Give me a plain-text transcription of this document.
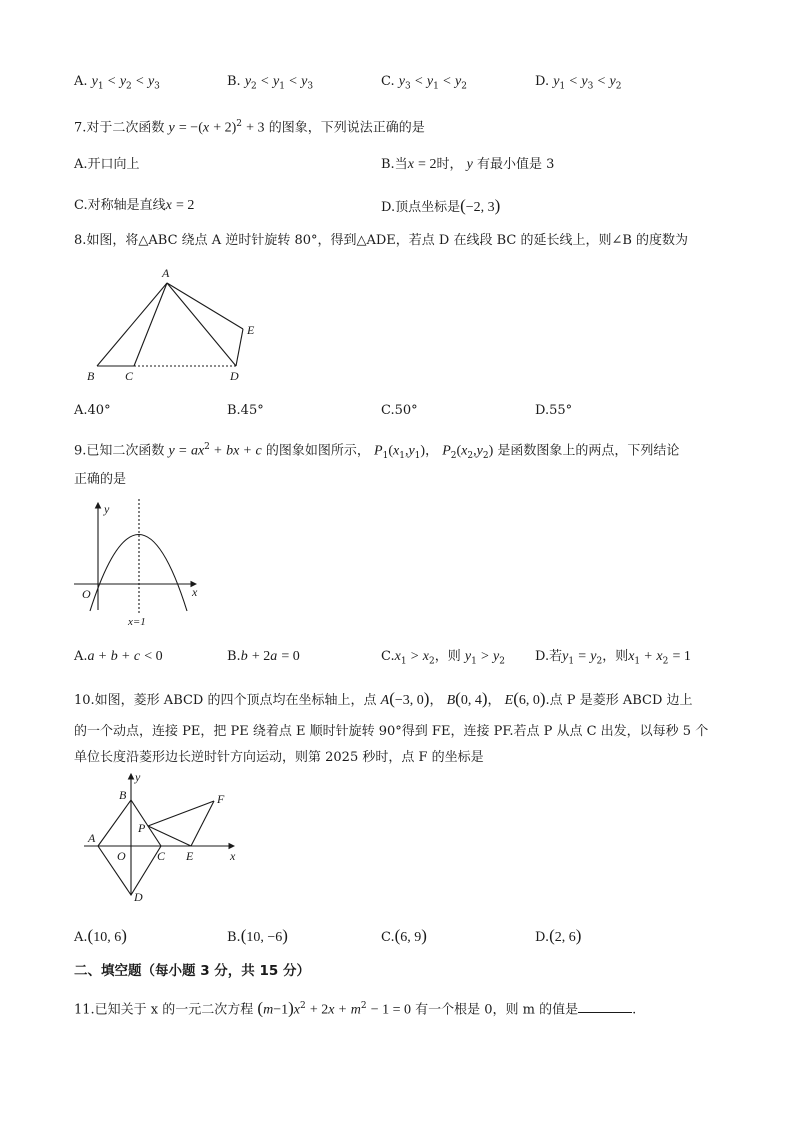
A. $y_1 < y_2 < y_3$	B. $y_2 < y_1 < y_3$	C. $y_3 < y_1 < y_2$	D. $y_1 < y_3 < y_2$
7.对于二次函数 $y = -(x + 2)^2 + 3$ 的图象，下列说法正确的是
A.开口向上	B.当x = 2时， y 有最小值是 3
C.对称轴是直线x = 2	D.顶点坐标是(−2, 3)
8.如图，将△ABC 绕点 A 逆时针旋转 80°，得到△ADE，若点 D 在线段 BC 的延长线上，则∠B 的度数为
A
B	C	D
E
A.40°	B.45°	C.50°	D.55°
9.已知二次函数 $y = ax^2$ + bx + c 的图象如图所示， $P_1(x_1,y_1)$， $P_2(x_2,y_2)$ 是函数图象上的两点，下列结论
正确的是
y
x
O
x=1
A.a + b + c < 0	B.b + 2a = 0	$C.x_1 > x_2$，则 $y_1 > y_2$ D.若$y_1 = y_2$，则$x_1 + x_2 = 1$
10.如图，菱形 ABCD 的四个顶点均在坐标轴上，点 A(−3, 0)， B(0, 4)， E(6, 0).点 P 是菱形 ABCD 边上
的一个动点，连接 PE，把 PE 绕着点 E 顺时针旋转 90°得到 FE，连接 PF.若点 P 从点 C 出发，以每秒 5 个
单位长度沿菱形边长逆时针方向运动，则第 2025 秒时，点 F 的坐标是
y
B	F
P
A
O	C E	x
D
A.(10, 6)	B.(10, −6)	C.(6, 9)	D.(2, 6)
二、填空题（每小题 3 分，共 15 分）
11.已知关于 x 的一元二次方程 $(m-1)x^2 + 2x + m^2 - 1 = 0$ 有一个根是 0，则 m 的值是	.
